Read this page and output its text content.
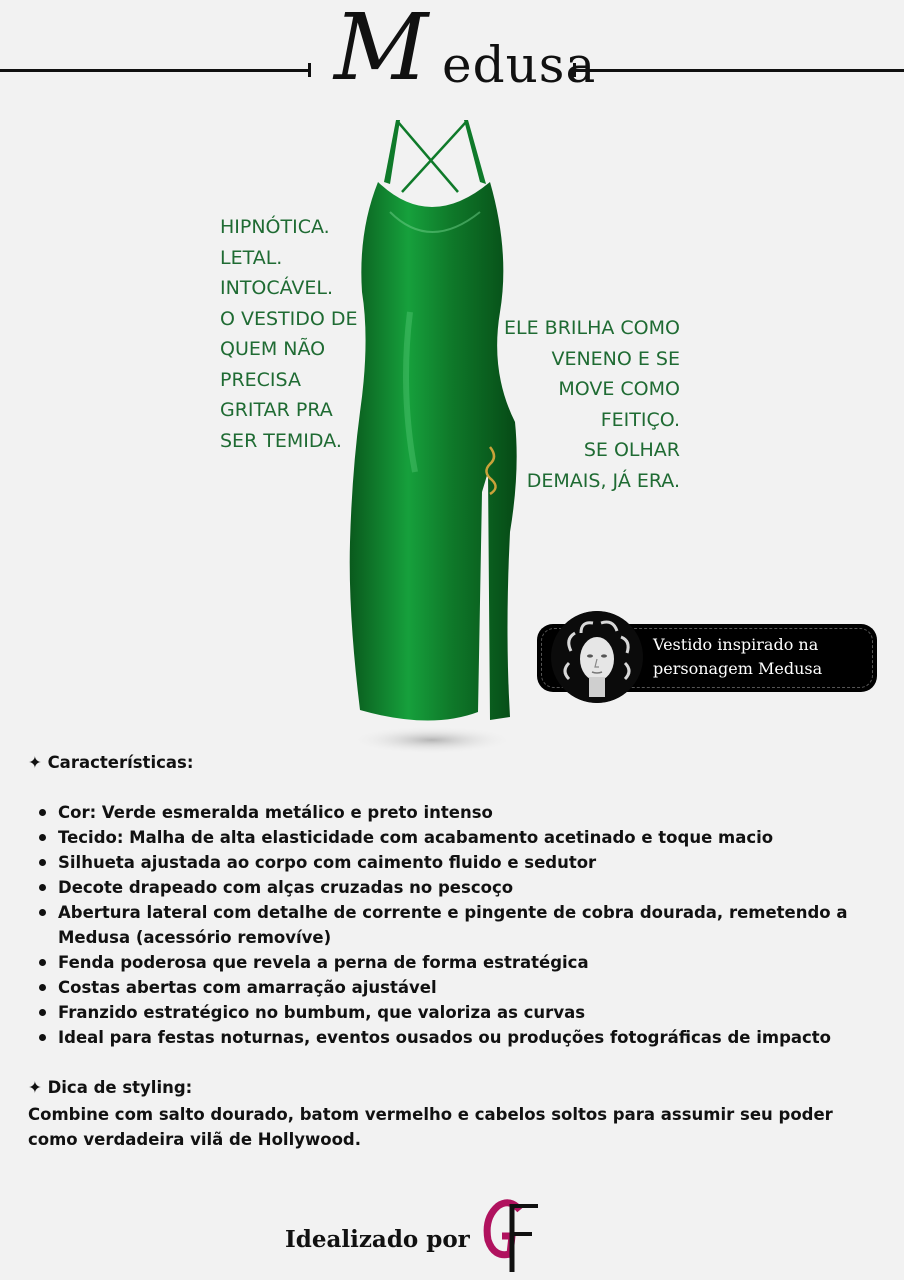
M edusa
HIPNÓTICA.
LETAL.
INTOCÁVEL.
O VESTIDO DE
QUEM NÃO
PRECISA
GRITAR PRA
SER TEMIDA.
ELE BRILHA COMO
VENENO E SE
MOVE COMO
FEITIÇO.
SE OLHAR
DEMAIS, JÁ ERA.
Vestido inspirado na
personagem Medusa
✦ Características:
Cor: Verde esmeralda metálico e preto intenso
Tecido: Malha de alta elasticidade com acabamento acetinado e toque macio
Silhueta ajustada ao corpo com caimento fluido e sedutor
Decote drapeado com alças cruzadas no pescoço
Abertura lateral com detalhe de corrente e pingente de cobra dourada, remetendo a
Medusa (acessório removíve)
Fenda poderosa que revela a perna de forma estratégica
Costas abertas com amarração ajustável
Franzido estratégico no bumbum, que valoriza as curvas
Ideal para festas noturnas, eventos ousados ou produções fotográficas de impacto
✦ Dica de styling:
Combine com salto dourado, batom vermelho e cabelos soltos para assumir seu poder como verdadeira vilã de Hollywood.
Idealizado por
